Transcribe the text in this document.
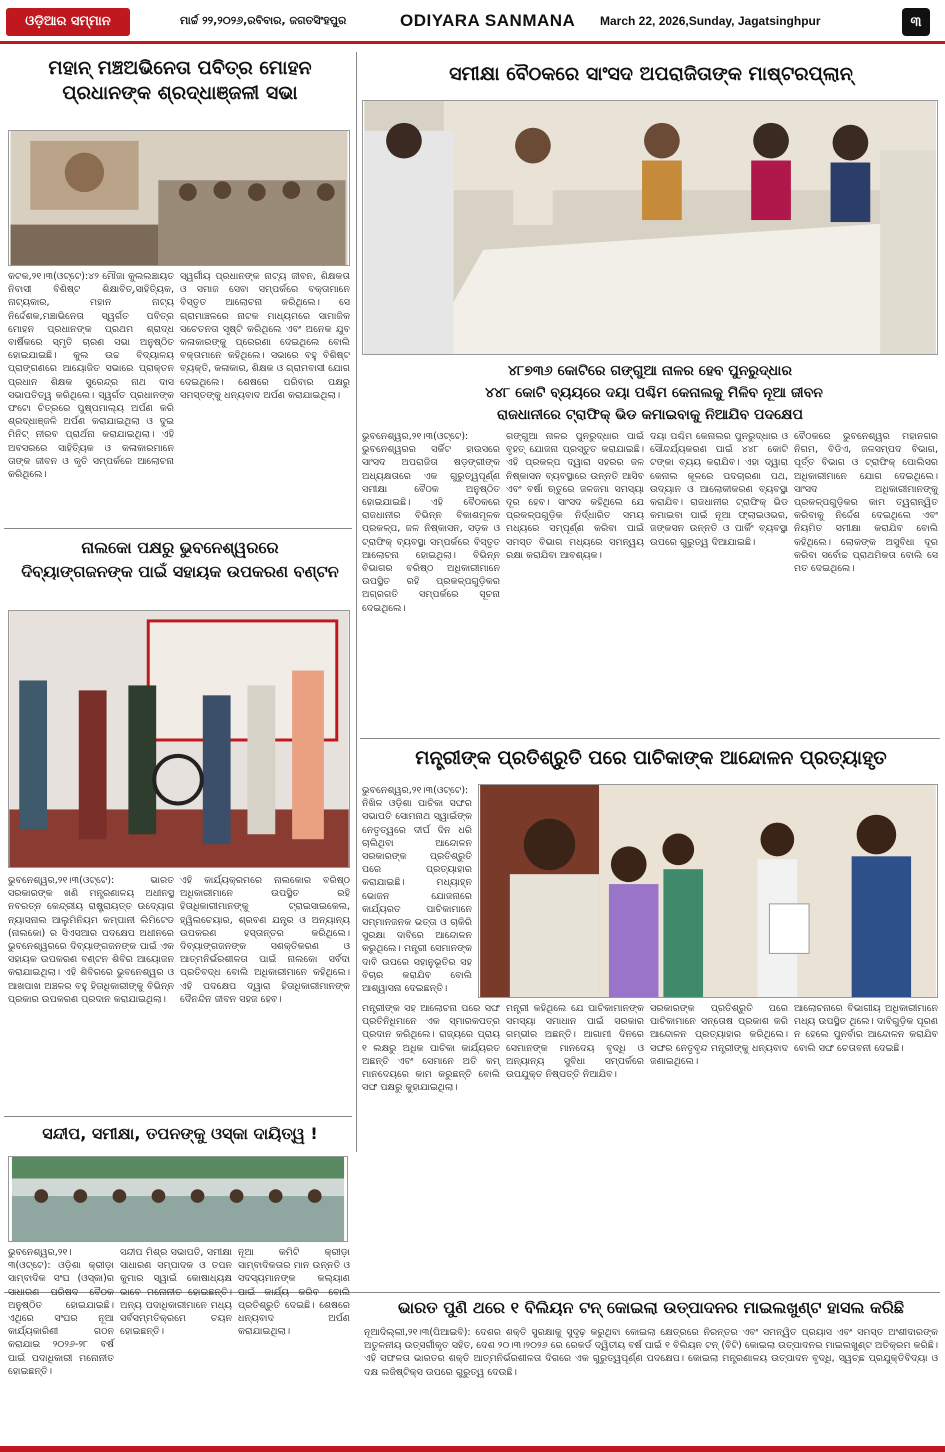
ଓଡ଼ିଆର ସମ୍ମାନ	ମାର୍ଚ୍ଚ ୨୨,୨୦୨୬,ରବିବାର, ଜଗତସିଂହପୁର	ODIYARA SANMANA March 22, 2026,Sunday, Jagatsinghpur	୩
ମହାନ୍ ମଞ୍ଚଅଭିନେତା ପବିତ୍ର ମୋହନ ପ୍ରଧାନଙ୍କ ଶ୍ରଦ୍ଧାଞ୍ଜଳୀ ସଭା
କଟକ,୨୧।୩(ଓଟ୍ଟେ):୪୨ ମୌଜା କୁଲଲଞ୍ଚାୟତ ନିବାସୀ ବିଶିଷ୍ଟ ଶିକ୍ଷାବିତ୍,ସାହିତ୍ୟିକ, ନାଟ୍ୟକାର, ମହାନ ନାଟ୍ୟ ନିର୍ଦ୍ଦେଶକ,ମଞ୍ଚାଭିନେତା ସ୍ୱର୍ଗତ ପବିତ୍ର ମୋହନ ପ୍ରଧାନଙ୍କ ପ୍ରଥମ ଶ୍ରାଦ୍ଧ ବାର୍ଷିକରେ ସ୍ମୃତି ଚାରଣ ସଭା ଅନୁଷ୍ଠିତ ହୋଇଯାଇଛି। କୁଲ ଉଚ୍ଚ ବିଦ୍ୟାଳୟ ପ୍ରାଙ୍ଗଣରେ ଆୟୋଜିତ ସଭାରେ ପ୍ରାକ୍ତନ ପ୍ରଧାନ ଶିକ୍ଷକ ସୁରେନ୍ଦ୍ର ନାଥ ଦାସ ସଭାପତିତ୍ୱ କରିଥିଲେ। ସ୍ୱର୍ଗତ ପ୍ରଧାନଙ୍କ ଫଟୋ ଚିତ୍ରରେ ପୁଷ୍ପମାଲ୍ୟ ଅର୍ପଣ କରି ଶ୍ରଦ୍ଧାଞ୍ଜଳି ଅର୍ପଣ କରାଯାଇଥିଲା ଓ ଦୁଇ ମିନିଟ୍ ନୀରବ ପ୍ରାର୍ଥନା କରାଯାଇଥିଲା। ଏହି ଅବସରରେ ସାହିତ୍ୟିକ ଓ କଳାକାରମାନେ ତାଙ୍କ ଜୀବନ ଓ କୃତି ସମ୍ପର୍କରେ ଆଲୋଚନା କରିଥିଲେ।
ସ୍ୱର୍ଗୀୟ ପ୍ରଧାନଙ୍କ ନାଟ୍ୟ ଜୀବନ, ଶିକ୍ଷକତା ଓ ସମାଜ ସେବା ସମ୍ପର୍କରେ ବକ୍ତାମାନେ ବିସ୍ତୃତ ଆଲୋଚନା କରିଥିଲେ। ସେ ଗ୍ରାମାଞ୍ଚଳରେ ନାଟକ ମାଧ୍ୟମରେ ସାମାଜିକ ସଚେତନତା ସୃଷ୍ଟି କରିଥିଲେ ଏବଂ ଅନେକ ଯୁବ କଳାକାରଙ୍କୁ ପ୍ରେରଣା ଦେଇଥିଲେ ବୋଲି ବକ୍ତାମାନେ କହିଥିଲେ। ସଭାରେ ବହୁ ବିଶିଷ୍ଟ ବ୍ୟକ୍ତି, କଳାକାର, ଶିକ୍ଷକ ଓ ଗ୍ରାମବାସୀ ଯୋଗ ଦେଇଥିଲେ। ଶେଷରେ ପରିବାର ପକ୍ଷରୁ ସମସ୍ତଙ୍କୁ ଧନ୍ୟବାଦ ଅର୍ପଣ କରାଯାଇଥିଲା।
ନାଲକୋ ପକ୍ଷରୁ ଭୁବନେଶ୍ୱରରେ
ଦିବ୍ୟାଙ୍ଗଜନଙ୍କ ପାଇଁ ସହାୟକ ଉପକରଣ ବଣ୍ଟନ
ଭୁବନେଶ୍ୱର,୨୧।୩(ଓଟ୍ଟେ): ଭାରତ ସରକାରଙ୍କ ଖଣି ମନ୍ତ୍ରଣାଳୟ ଅଧୀନସ୍ଥ ନବରତ୍ନ କେନ୍ଦ୍ରୀୟ ରାଷ୍ଟ୍ରାୟତ୍ତ ଉଦ୍ୟୋଗ ନ୍ୟାସନାଲ ଆଲୁମିନିୟମ କମ୍ପାନୀ ଲିମିଟେଡ (ନାଲକୋ) ର ସିଏସଆର ପଦକ୍ଷେପ ଅଧୀନରେ ଭୁବନେଶ୍ୱରରେ ଦିବ୍ୟାଙ୍ଗଜନଙ୍କ ପାଇଁ ଏକ ସହାୟକ ଉପକରଣ ବଣ୍ଟନ ଶିବିର ଆୟୋଜନ କରାଯାଇଥିଲା। ଏହି ଶିବିରରେ ଭୁବନେଶ୍ୱର ଓ ଆଖପାଖ ଅଞ୍ଚଳର ବହୁ ହିତାଧିକାରୀଙ୍କୁ ବିଭିନ୍ନ ପ୍ରକାର ଉପକରଣ ପ୍ରଦାନ କରାଯାଇଥିଲା।
ଏହି କାର୍ଯ୍ୟକ୍ରମରେ ନାଲକୋର ବରିଷ୍ଠ ଅଧିକାରୀମାନେ ଉପସ୍ଥିତ ରହି ହିତାଧିକାରୀମାନଙ୍କୁ ଟ୍ରାଇସାଇକେଲ, ହ୍ୱିଲଚେୟାର, ଶ୍ରବଣ ଯନ୍ତ୍ର ଓ ଅନ୍ୟାନ୍ୟ ଉପକରଣ ହସ୍ତାନ୍ତର କରିଥିଲେ। ଦିବ୍ୟାଙ୍ଗଜନଙ୍କ ସଶକ୍ତିକରଣ ଓ ଆତ୍ମନିର୍ଭରଶୀଳତା ପାଇଁ ନାଲକୋ ସର୍ବଦା ପ୍ରତିବଦ୍ଧ ବୋଲି ଅଧିକାରୀମାନେ କହିଥିଲେ। ଏହି ପଦକ୍ଷେପ ଦ୍ୱାରା ହିତାଧିକାରୀମାନଙ୍କ ଦୈନନ୍ଦିନ ଜୀବନ ସହଜ ହେବ।
ସନ୍ଦୀପ, ସମୀକ୍ଷା, ତପନଙ୍କୁ ଓସ୍କା ଦାୟିତ୍ୱ !
ଭୁବନେଶ୍ୱର,୨୧।୩(ଓଟ୍ଟେ): ଓଡ଼ିଶା କ୍ରୀଡ଼ା ସାମ୍ବାଦିକ ସଂଘ (ଓସ୍କା)ର ସାଧାରଣ ପରିଷଦ ବୈଠକ ଅନୁଷ୍ଠିତ ହୋଇଯାଇଛି। ଏଥିରେ ସଂଘର ନୂଆ କାର୍ଯ୍ୟକାରିଣୀ ଗଠନ କରାଯାଇ ୨୦୨୬-୨୮ ବର୍ଷ ପାଇଁ ପଦାଧିକାରୀ ମନୋନୀତ ହୋଇଛନ୍ତି।
ସନ୍ଦୀପ ମିଶ୍ର ସଭାପତି, ସମୀକ୍ଷା ସାଧାରଣ ସମ୍ପାଦକ ଓ ତପନ କୁମାର ସ୍ୱାଇଁ କୋଷାଧ୍ୟକ୍ଷ ଭାବେ ମନୋନୀତ ହୋଇଛନ୍ତି। ଅନ୍ୟ ପଦାଧିକାରୀମାନେ ମଧ୍ୟ ସର୍ବସମ୍ମତିକ୍ରମେ ଚୟନ ହୋଇଛନ୍ତି।
ନୂଆ କମିଟି କ୍ରୀଡ଼ା ସାମ୍ବାଦିକତାର ମାନ ଉନ୍ନତି ଓ ସଦସ୍ୟମାନଙ୍କ କଲ୍ୟାଣ ପାଇଁ କାର୍ଯ୍ୟ କରିବ ବୋଲି ପ୍ରତିଶ୍ରୁତି ଦେଇଛି। ଶେଷରେ ଧନ୍ୟବାଦ ଅର୍ପଣ କରାଯାଇଥିଲା।
ସମୀକ୍ଷା ବୈଠକରେ ସାଂସଦ ଅପରାଜିତାଙ୍କ ମାଷ୍ଟରପ୍ଲାନ୍
୪୮୭୩୬ କୋଟିରେ ଗଙ୍ଗୁଆ ନାଳର ହେବ ପୁନରୁଦ୍ଧାର
୪୪୮ କୋଟି ବ୍ୟୟରେ ଦୟା ପଶ୍ଚିମ କେନାଲକୁ ମିଳିବ ନୂଆ ଜୀବନ
ରାଜଧାନୀରେ ଟ୍ରାଫିକ୍ ଭିଡ କମାଇବାକୁ ନିଆଯିବ ପଦକ୍ଷେପ
ଭୁବନେଶ୍ୱର,୨୧।୩(ଓଟ୍ଟେ): ଭୁବନେଶ୍ୱରର ସର୍କିଟ ହାଉସରେ ସାଂସଦ ଅପରାଜିତା ଷଡ଼ଙ୍ଗୀଙ୍କ ଅଧ୍ୟକ୍ଷତାରେ ଏକ ଗୁରୁତ୍ୱପୂର୍ଣ୍ଣ ସମୀକ୍ଷା ବୈଠକ ଅନୁଷ୍ଠିତ ହୋଇଯାଇଛି। ଏହି ବୈଠକରେ ରାଜଧାନୀର ବିଭିନ୍ନ ବିକାଶମୂଳକ ପ୍ରକଳ୍ପ, ଜଳ ନିଷ୍କାସନ, ସଡ଼କ ଓ ଟ୍ରାଫିକ୍ ବ୍ୟବସ୍ଥା ସମ୍ପର୍କରେ ବିସ୍ତୃତ ଆଲୋଚନା ହୋଇଥିଲା। ବିଭିନ୍ନ ବିଭାଗର ବରିଷ୍ଠ ଅଧିକାରୀମାନେ ଉପସ୍ଥିତ ରହି ପ୍ରକଳ୍ପଗୁଡ଼ିକର ଅଗ୍ରଗତି ସମ୍ପର୍କରେ ସୂଚନା ଦେଇଥିଲେ।
ଗଙ୍ଗୁଆ ନାଳର ପୁନରୁଦ୍ଧାର ପାଇଁ ବୃହତ୍ ଯୋଜନା ପ୍ରସ୍ତୁତ କରାଯାଇଛି। ଏହି ପ୍ରକଳ୍ପ ଦ୍ୱାରା ସହରର ଜଳ ନିଷ୍କାସନ ବ୍ୟବସ୍ଥାରେ ଉନ୍ନତି ଆସିବ ଏବଂ ବର୍ଷା ଋତୁରେ ଜଳଜମା ସମସ୍ୟା ଦୂର ହେବ। ସାଂସଦ କହିଥିଲେ ଯେ ପ୍ରକଳ୍ପଗୁଡ଼ିକ ନିର୍ଦ୍ଧାରିତ ସମୟ ମଧ୍ୟରେ ସମ୍ପୂର୍ଣ୍ଣ କରିବା ପାଇଁ ସମସ୍ତ ବିଭାଗ ମଧ୍ୟରେ ସମନ୍ୱୟ ରକ୍ଷା କରାଯିବା ଆବଶ୍ୟକ।
ଦୟା ପଶ୍ଚିମ କେନାଲର ପୁନରୁଦ୍ଧାର ଓ ସୌନ୍ଦର୍ଯ୍ୟକରଣ ପାଇଁ ୪୪୮ କୋଟି ଟଙ୍କା ବ୍ୟୟ କରାଯିବ। ଏହା ଦ୍ୱାରା କେନାଲ କୂଳରେ ପଦଚାରଣା ପଥ, ଉଦ୍ୟାନ ଓ ଆଲୋକୀକରଣ ବ୍ୟବସ୍ଥା କରାଯିବ। ରାଜଧାନୀର ଟ୍ରାଫିକ୍ ଭିଡ କମାଇବା ପାଇଁ ନୂଆ ଫ୍ଲାଇଓଭର, ଜଙ୍କସନ ଉନ୍ନତି ଓ ପାର୍କିଂ ବ୍ୟବସ୍ଥା ଉପରେ ଗୁରୁତ୍ୱ ଦିଆଯାଇଛି।
ବୈଠକରେ ଭୁବନେଶ୍ୱର ମହାନଗର ନିଗମ, ବିଡିଏ, ଜଳସମ୍ପଦ ବିଭାଗ, ପୂର୍ତ୍ତ ବିଭାଗ ଓ ଟ୍ରାଫିକ୍ ପୋଲିସର ଅଧିକାରୀମାନେ ଯୋଗ ଦେଇଥିଲେ। ସାଂସଦ ଅଧିକାରୀମାନଙ୍କୁ ପ୍ରକଳ୍ପଗୁଡ଼ିକର କାମ ତ୍ୱରାନ୍ୱିତ କରିବାକୁ ନିର୍ଦ୍ଦେଶ ଦେଇଥିଲେ ଏବଂ ନିୟମିତ ସମୀକ୍ଷା କରାଯିବ ବୋଲି କହିଥିଲେ। ଲୋକଙ୍କ ଅସୁବିଧା ଦୂର କରିବା ସର୍ବୋଚ୍ଚ ପ୍ରାଥମିକତା ବୋଲି ସେ ମତ ଦେଇଥିଲେ।
ମନ୍ତ୍ରୀଙ୍କ ପ୍ରତିଶ୍ରୁତି ପରେ ପାଚିକାଙ୍କ ଆନ୍ଦୋଳନ ପ୍ରତ୍ୟାହୃତ
ଭୁବନେଶ୍ୱର,୨୧।୩(ଓଟ୍ଟେ): ନିଖିଳ ଓଡ଼ିଶା ପାଚିକା ସଙ୍ଘର ସଭାପତି ସୋମନାଥ ସ୍ୱାଇଁଙ୍କ ନେତୃତ୍ୱରେ ଦୀର୍ଘ ଦିନ ଧରି ଚାଲିଥିବା ଆନ୍ଦୋଳନ ସରକାରଙ୍କ ପ୍ରତିଶ୍ରୁତି ପରେ ପ୍ରତ୍ୟାହାର କରାଯାଇଛି। ମଧ୍ୟାହ୍ନ ଭୋଜନ ଯୋଜନାରେ କାର୍ଯ୍ୟରତ ପାଚିକାମାନେ ସମ୍ମାନଜନକ ଭତ୍ତା ଓ ଚାକିରି ସୁରକ୍ଷା ଦାବିରେ ଆନ୍ଦୋଳନ କରୁଥିଲେ। ମନ୍ତ୍ରୀ ସେମାନଙ୍କ ଦାବି ଉପରେ ସହାନୁଭୂତିର ସହ ବିଚାର କରାଯିବ ବୋଲି ଆଶ୍ୱାସନା ଦେଇଛନ୍ତି।
ମନ୍ତ୍ରୀଙ୍କ ସହ ଆଲୋଚନା ପରେ ସଙ୍ଘ ପ୍ରତିନିଧିମାନେ ଏକ ସ୍ମାରକପତ୍ର ପ୍ରଦାନ କରିଥିଲେ। ରାଜ୍ୟରେ ପ୍ରାୟ ୧ ଲକ୍ଷରୁ ଅଧିକ ପାଚିକା କାର୍ଯ୍ୟରତ ଅଛନ୍ତି ଏବଂ ସେମାନେ ଅତି କମ୍ ମାନଦେୟରେ କାମ କରୁଛନ୍ତି ବୋଲି ସଙ୍ଘ ପକ୍ଷରୁ କୁହାଯାଇଥିଲା।
ମନ୍ତ୍ରୀ କହିଥିଲେ ଯେ ପାଚିକାମାନଙ୍କ ସମସ୍ୟା ସମାଧାନ ପାଇଁ ସରକାର ଗମ୍ଭୀର ଅଛନ୍ତି। ଆଗାମୀ ଦିନରେ ସେମାନଙ୍କ ମାନଦେୟ ବୃଦ୍ଧି ଓ ଅନ୍ୟାନ୍ୟ ସୁବିଧା ସମ୍ପର୍କରେ ଉପଯୁକ୍ତ ନିଷ୍ପତ୍ତି ନିଆଯିବ।
ସରକାରଙ୍କ ପ୍ରତିଶ୍ରୁତି ପରେ ପାଚିକାମାନେ ସନ୍ତୋଷ ପ୍ରକାଶ କରି ଆନ୍ଦୋଳନ ପ୍ରତ୍ୟାହାର କରିଥିଲେ। ସଙ୍ଘର ନେତୃବୃନ୍ଦ ମନ୍ତ୍ରୀଙ୍କୁ ଧନ୍ୟବାଦ ଜଣାଇଥିଲେ।
ଆଲୋଚନାରେ ବିଭାଗୀୟ ଅଧିକାରୀମାନେ ମଧ୍ୟ ଉପସ୍ଥିତ ଥିଲେ। ଦାବିଗୁଡ଼ିକ ପୂରଣ ନ ହେଲେ ପୁନର୍ବାର ଆନ୍ଦୋଳନ କରାଯିବ ବୋଲି ସଙ୍ଘ ଚେତାବନୀ ଦେଇଛି।
ଭାରତ ପୁଣି ଥରେ ୧ ବିଲିୟନ ଟନ୍ କୋଇଲା ଉତ୍ପାଦନର ମାଇଲଖୁଣ୍ଟ ହାସଲ କରିଛି
ନୂଆଦିଲ୍ଲୀ,୨୧।୩(ପିଆଇବି): ଦେଶର ଶକ୍ତି ସୁରକ୍ଷାକୁ ସୁଦୃଢ଼ କରୁଥିବା କୋଇଲା କ୍ଷେତ୍ରରେ ନିରନ୍ତର ଏବଂ ସମନ୍ୱିତ ପ୍ରୟାସ ଏବଂ ସମସ୍ତ ଅଂଶୀଦାରଙ୍କ ଅତୁଳନୀୟ ଉତ୍ସର୍ଗୀକୃତ ସହିତ, ଦେଶ ୨୦।୩।୨୦୨୬ ରେ ରେକର୍ଡ ଦ୍ୱିତୀୟ ବର୍ଷ ପାଇଁ ୧ ବିଲିୟନ ଟନ୍ (ବିଟି) କୋଇଲା ଉତ୍ପାଦନର ମାଇଲଖୁଣ୍ଟ ଅତିକ୍ରମ କରିଛି। ଏହି ସଫଳତା ଭାରତର ଶକ୍ତି ଆତ୍ମନିର୍ଭରଶୀଳତା ଦିଗରେ ଏକ ଗୁରୁତ୍ୱପୂର୍ଣ୍ଣ ପଦକ୍ଷେପ। କୋଇଲା ମନ୍ତ୍ରଣାଳୟ ଉତ୍ପାଦନ ବୃଦ୍ଧି, ସ୍ୱଚ୍ଛ ପ୍ରଯୁକ୍ତିବିଦ୍ୟା ଓ ଦକ୍ଷ ଲଜିଷ୍ଟିକ୍ସ ଉପରେ ଗୁରୁତ୍ୱ ଦେଉଛି।
